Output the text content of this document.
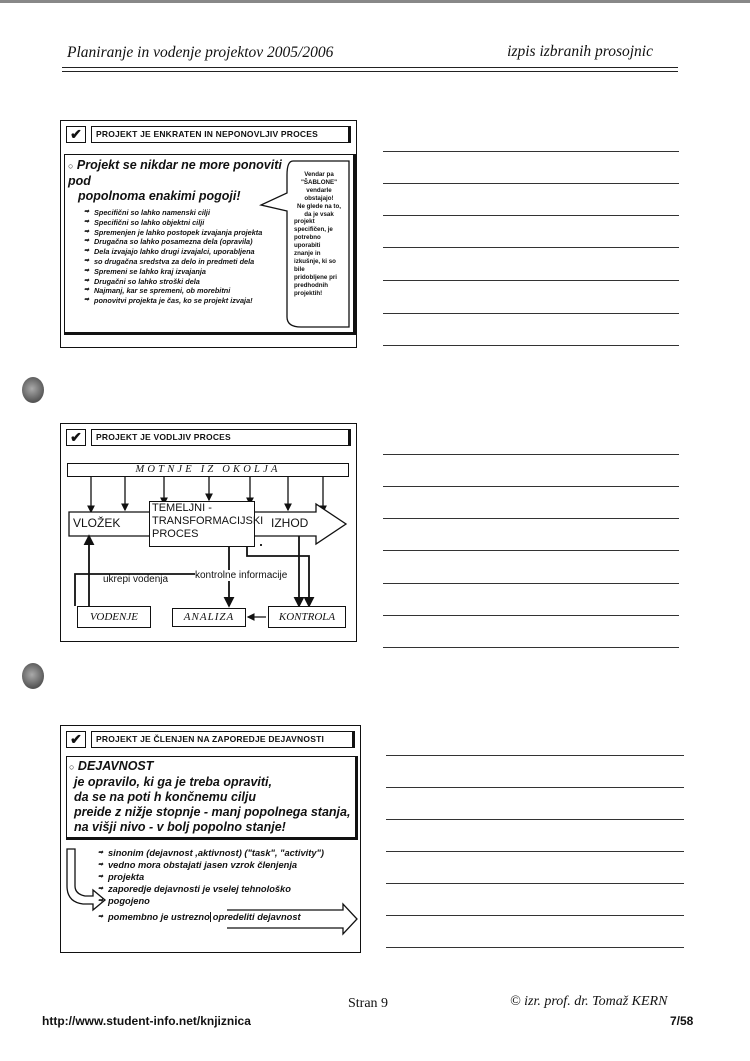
Planiranje in vodenje projektov 2005/2006	izpis izbranih prosojnic
✔	PROJEKT JE ENKRATEN IN NEPONOVLJIV PROCES
○ Projekt se nikdar ne more ponoviti pod
popolnoma enakimi pogoji!
➡ Specifični so lahko namenski cilji
➡ Specifični so lahko objektni cilji
➡ Spremenjen je lahko postopek izvajanja projekta
➡ Drugačna so lahko posamezna dela (opravila)
➡ Dela izvajajo lahko drugi izvajalci, uporabljena
➡ so drugačna sredstva za delo in predmeti dela
➡ Spremeni se lahko kraj izvajanja
➡ Drugačni so lahko stroški dela
➡ Najmanj, kar se spremeni, ob morebitni
➡ ponovitvi projekta je čas, ko se projekt izvaja!
Vendar pa
"ŠABLONE"
vendarle
obstajajo!
Ne glede na to,
da je vsak
projekt
specifičen, je
potrebno
uporabiti
znanje in
izkušnje, ki so
bile
pridobljene pri
predhodnih
projektih!
✔	PROJEKT JE VODLJIV PROCES
MOTNJE IZ OKOLJA
VLOŽEK
TEMELJNI -
TRANSFORMACIJSKI
PROCES
IZHOD
ukrepi vodenja	kontrolne informacije
VODENJE	ANALIZA	KONTROLA
✔	PROJEKT JE ČLENJEN NA ZAPOREDJE DEJAVNOSTI
○ DEJAVNOST
je opravilo, ki ga je treba opraviti,
da se na poti h končnemu cilju
preide z nižje stopnje - manj popolnega stanja,
na višji nivo - v bolj popolno stanje!
➡ sinonim (dejavnost ,aktivnost) ("task", "activity")
➡ vedno mora obstajati jasen vzrok členjenja
➡ projekta
➡ zaporedje dejavnosti je vselej tehnološko
➡ pogojeno
➡ pomembno je ustrezno opredeliti dejavnost
Stran 9	© izr. prof. dr. Tomaž KERN
http://www.student-info.net/knjiznica	7/58
